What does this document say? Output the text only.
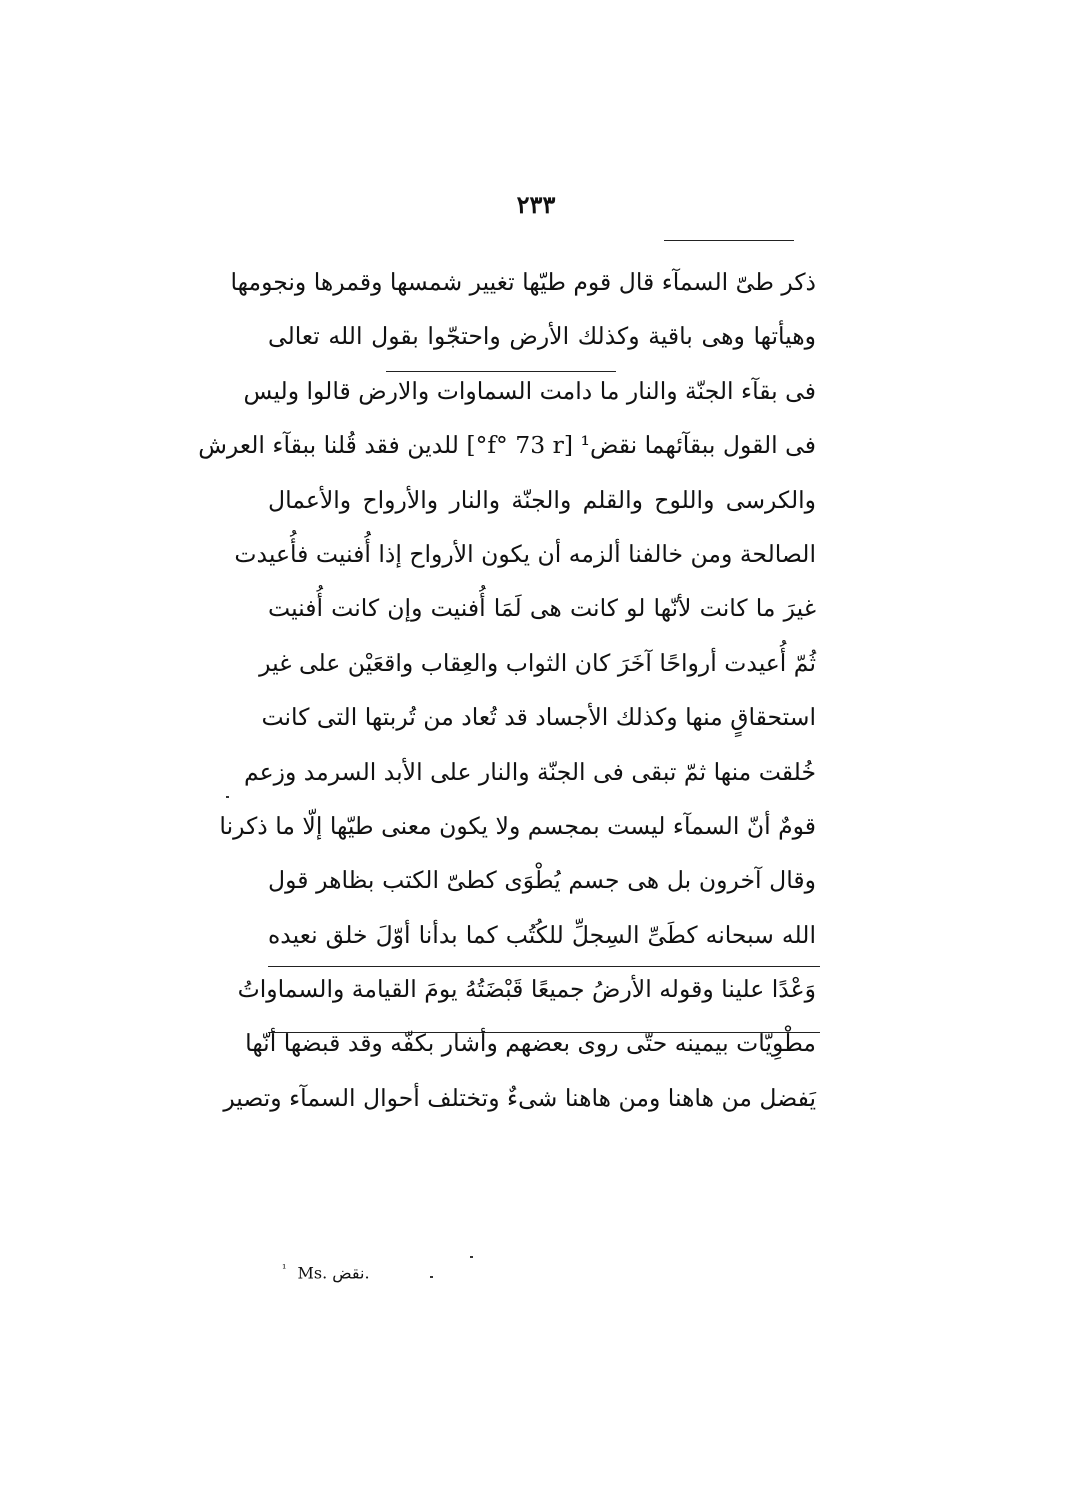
٢٣٣
ذكر طىّ السمآء قال قوم طيّها تغيير شمسها وقمرها ونجومها
وهيأتها وهى باقية وكذلك الأرض واحتجّوا بقول الله تعالى
فى بقآء الجنّة والنار ما دامت السماوات والارض قالوا وليس
فى القول ببقآئهما نقض¹ [f° 73 r°] للدين فقد قُلنا ببقآء العرش
والكرسى واللوح والقلم والجنّة والنار والأرواح والأعمال
الصالحة ومن خالفنا ألزمه أن يكون الأرواح إذا أُفنيت فأُعيدت
غيرَ ما كانت لأنّها لو كانت هى لَمَا أُفنيت وإن كانت أُفنيت
ثُمّ أُعيدت أرواحًا آخَرَ كان الثواب والعِقاب واقعَيْن على غير
استحقاقٍ منها وكذلك الأجساد قد تُعاد من تُربتها التى كانت
خُلقت منها ثمّ تبقى فى الجنّة والنار على الأبد السرمد وزعم
قومٌ أنّ السمآء ليست بمجسم ولا يكون معنى طيّها إلّا ما ذكرنا
وقال آخرون بل هى جسم يُطْوَى كطىّ الكتب بظاهر قول
الله سبحانه كطَىِّ السِجلِّ للكُتُب كما بدأنا أوّلَ خلق نعيده
وَعْدًا علينا وقوله الأرضُ جميعًا قَبْضَتُهُ يومَ القيامة والسماواتُ
مطْوِيّات بيمينه حتّى روى بعضهم وأشار بكفّه وقد قبضها أنّها
يَفضل من هاهنا ومن هاهنا شىءٌ وتختلف أحوال السمآء وتصير
$^{^1}$ Ms. نقض.
